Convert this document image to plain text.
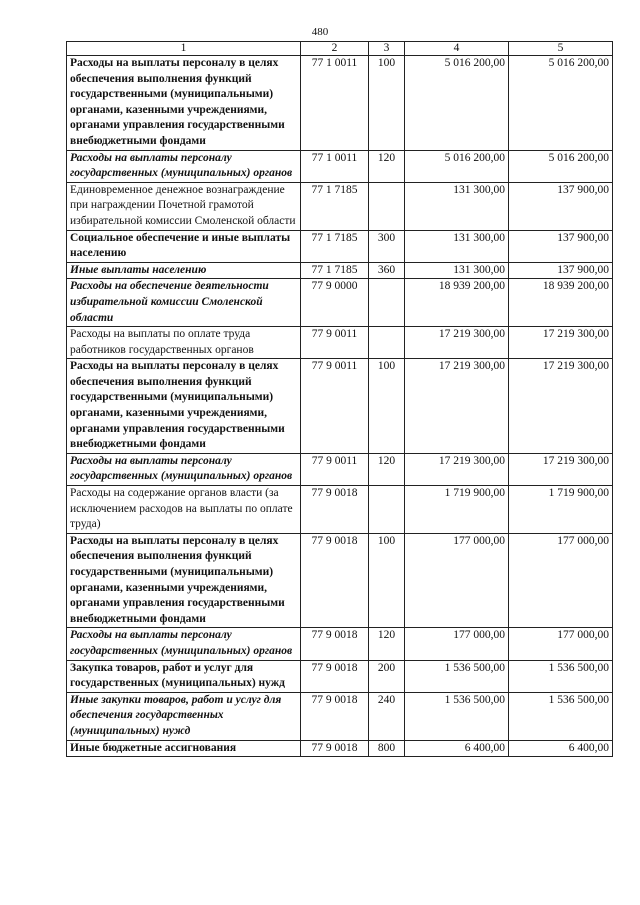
480
1	2	3	4	5
Расходы на выплаты персоналу в целях обеспечения выполнения функций государственными (муниципальными) органами, казенными учреждениями, органами управления государственными внебюджетными фондами	77 1 0011	100	5 016 200,00	5 016 200,00
Расходы на выплаты персоналу государственных (муниципальных) органов	77 1 0011	120	5 016 200,00	5 016 200,00
Единовременное денежное вознаграждение при награждении Почетной грамотой избирательной комиссии Смоленской области	77 1 7185		131 300,00	137 900,00
Социальное обеспечение и иные выплаты населению	77 1 7185	300	131 300,00	137 900,00
Иные выплаты населению	77 1 7185	360	131 300,00	137 900,00
Расходы на обеспечение деятельности избирательной комиссии Смоленской области	77 9 0000		18 939 200,00	18 939 200,00
Расходы на выплаты по оплате труда работников государственных органов	77 9 0011		17 219 300,00	17 219 300,00
Расходы на выплаты персоналу в целях обеспечения выполнения функций государственными (муниципальными) органами, казенными учреждениями, органами управления государственными внебюджетными фондами	77 9 0011	100	17 219 300,00	17 219 300,00
Расходы на выплаты персоналу государственных (муниципальных) органов	77 9 0011	120	17 219 300,00	17 219 300,00
Расходы на содержание органов власти (за исключением расходов на выплаты по оплате труда)	77 9 0018		1 719 900,00	1 719 900,00
Расходы на выплаты персоналу в целях обеспечения выполнения функций государственными (муниципальными) органами, казенными учреждениями, органами управления государственными внебюджетными фондами	77 9 0018	100	177 000,00	177 000,00
Расходы на выплаты персоналу государственных (муниципальных) органов	77 9 0018	120	177 000,00	177 000,00
Закупка товаров, работ и услуг для государственных (муниципальных) нужд	77 9 0018	200	1 536 500,00	1 536 500,00
Иные закупки товаров, работ и услуг для обеспечения государственных (муниципальных) нужд	77 9 0018	240	1 536 500,00	1 536 500,00
Иные бюджетные ассигнования	77 9 0018	800	6 400,00	6 400,00
